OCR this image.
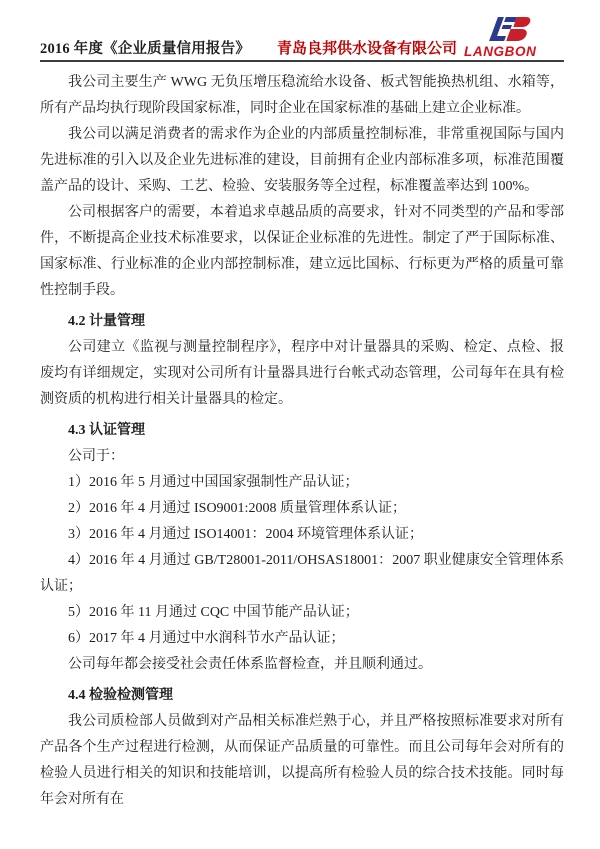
2016 年度《企业质量信用报告》 青岛良邦供水设备有限公司 LANGBON

我公司主要生产 WWG 无负压增压稳流给水设备、板式智能换热机组、水箱等，所有产品均执行现阶段国家标准，同时企业在国家标准的基础上建立企业标准。

我公司以满足消费者的需求作为企业的内部质量控制标准，非常重视国际与国内先进标准的引入以及企业先进标准的建设，目前拥有企业内部标准多项，标准范围覆盖产品的设计、采购、工艺、检验、安装服务等全过程，标准覆盖率达到 100%。

公司根据客户的需要，本着追求卓越品质的高要求，针对不同类型的产品和零部件，不断提高企业技术标准要求，以保证企业标准的先进性。制定了严于国际标准、国家标准、行业标准的企业内部控制标准，建立远比国标、行标更为严格的质量可靠性控制手段。

4.2 计量管理

公司建立《监视与测量控制程序》，程序中对计量器具的采购、检定、点检、报废均有详细规定，实现对公司所有计量器具进行台帐式动态管理，公司每年在具有检测资质的机构进行相关计量器具的检定。

4.3 认证管理

公司于：

1）2016 年 5 月通过中国国家强制性产品认证；

2）2016 年 4 月通过 ISO9001:2008 质量管理体系认证；

3）2016 年 4 月通过 ISO14001：2004 环境管理体系认证；

4）2016 年 4 月通过 GB/T28001-2011/OHSAS18001：2007 职业健康安全管理体系认证；

5）2016 年 11 月通过 CQC 中国节能产品认证；

6）2017 年 4 月通过中水润科节水产品认证；

公司每年都会接受社会责任体系监督检查，并且顺利通过。

4.4 检验检测管理

我公司质检部人员做到对产品相关标准烂熟于心，并且严格按照标准要求对所有产品各个生产过程进行检测，从而保证产品质量的可靠性。而且公司每年会对所有的检验人员进行相关的知识和技能培训，以提高所有检验人员的综合技术技能。同时每年会对所有在
